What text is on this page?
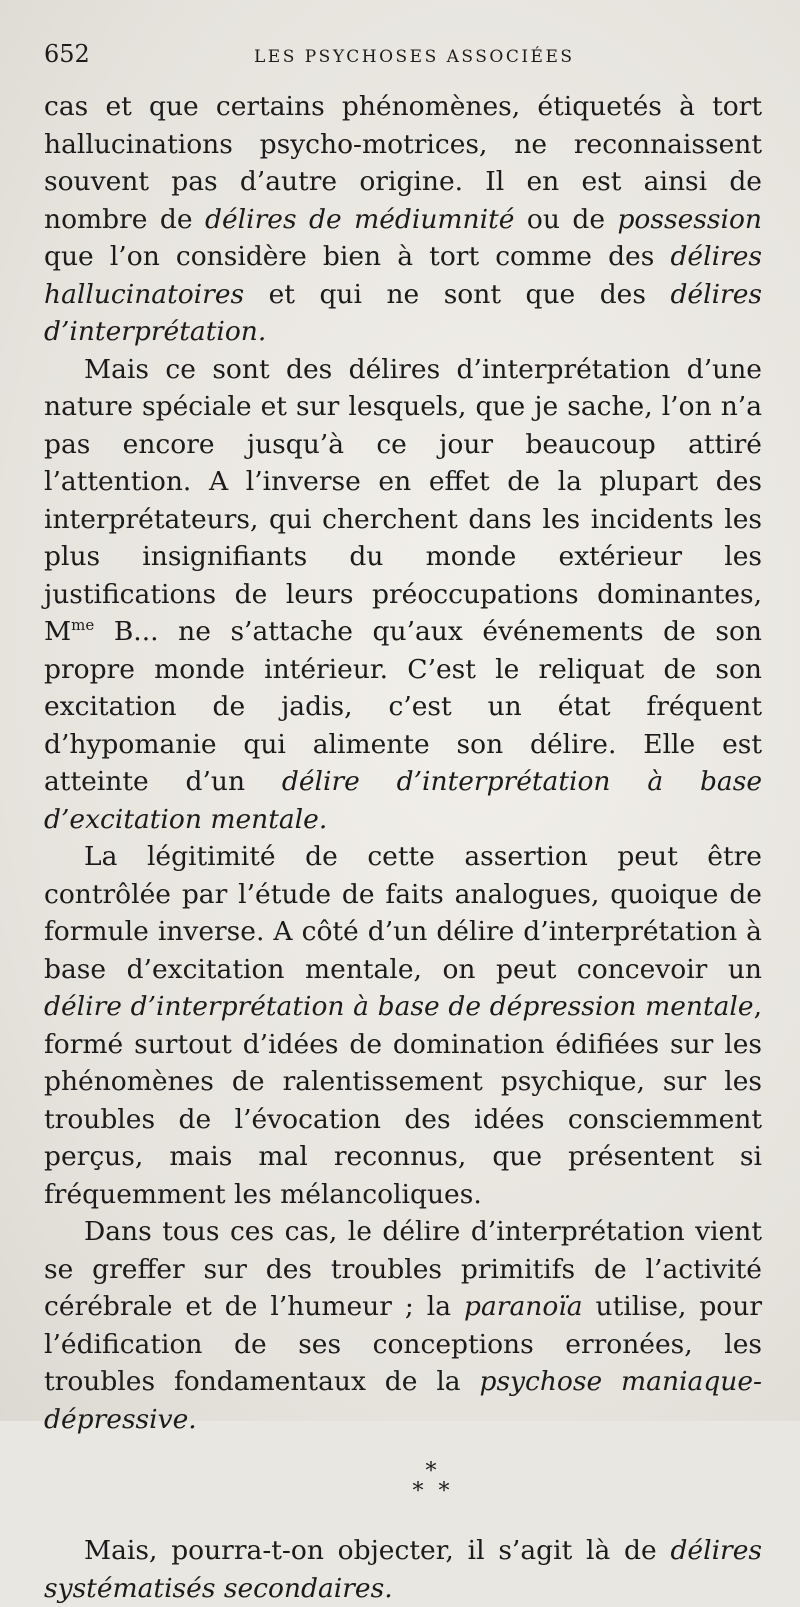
652	LES PSYCHOSES ASSOCIÉES

cas et que certains phénomènes, étiquetés à tort hallucinations psycho-motrices, ne reconnaissent souvent pas d’autre origine. Il en est ainsi de nombre de délires de médiumnité ou de possession que l’on considère bien à tort comme des délires hallucinatoires et qui ne sont que des délires d’interprétation.

Mais ce sont des délires d’interprétation d’une nature spéciale et sur lesquels, que je sache, l’on n’a pas encore jusqu’à ce jour beaucoup attiré l’attention. A l’inverse en effet de la plupart des interprétateurs, qui cherchent dans les incidents les plus insignifiants du monde extérieur les justifications de leurs préoccupations dominantes, $M^{me}$ B... ne s’attache qu’aux événements de son propre monde intérieur. C’est le reliquat de son excitation de jadis, c’est un état fréquent d’hypomanie qui alimente son délire. Elle est atteinte d’un délire d’interprétation à base d’excitation mentale.

La légitimité de cette assertion peut être contrôlée par l’étude de faits analogues, quoique de formule inverse. A côté d’un délire d’interprétation à base d’excitation mentale, on peut concevoir un délire d’interprétation à base de dépression mentale, formé surtout d’idées de domination édifiées sur les phénomènes de ralentissement psychique, sur les troubles de l’évocation des idées consciemment perçus, mais mal reconnus, que présentent si fréquemment les mélancoliques.

Dans tous ces cas, le délire d’interprétation vient se greffer sur des troubles primitifs de l’activité cérébrale et de l’humeur ; la paranoïa utilise, pour l’édification de ses conceptions erronées, les troubles fondamentaux de la psychose maniaque-dépressive.

*
* *

Mais, pourra-t-on objecter, il s’agit là de délires systématisés secondaires.
